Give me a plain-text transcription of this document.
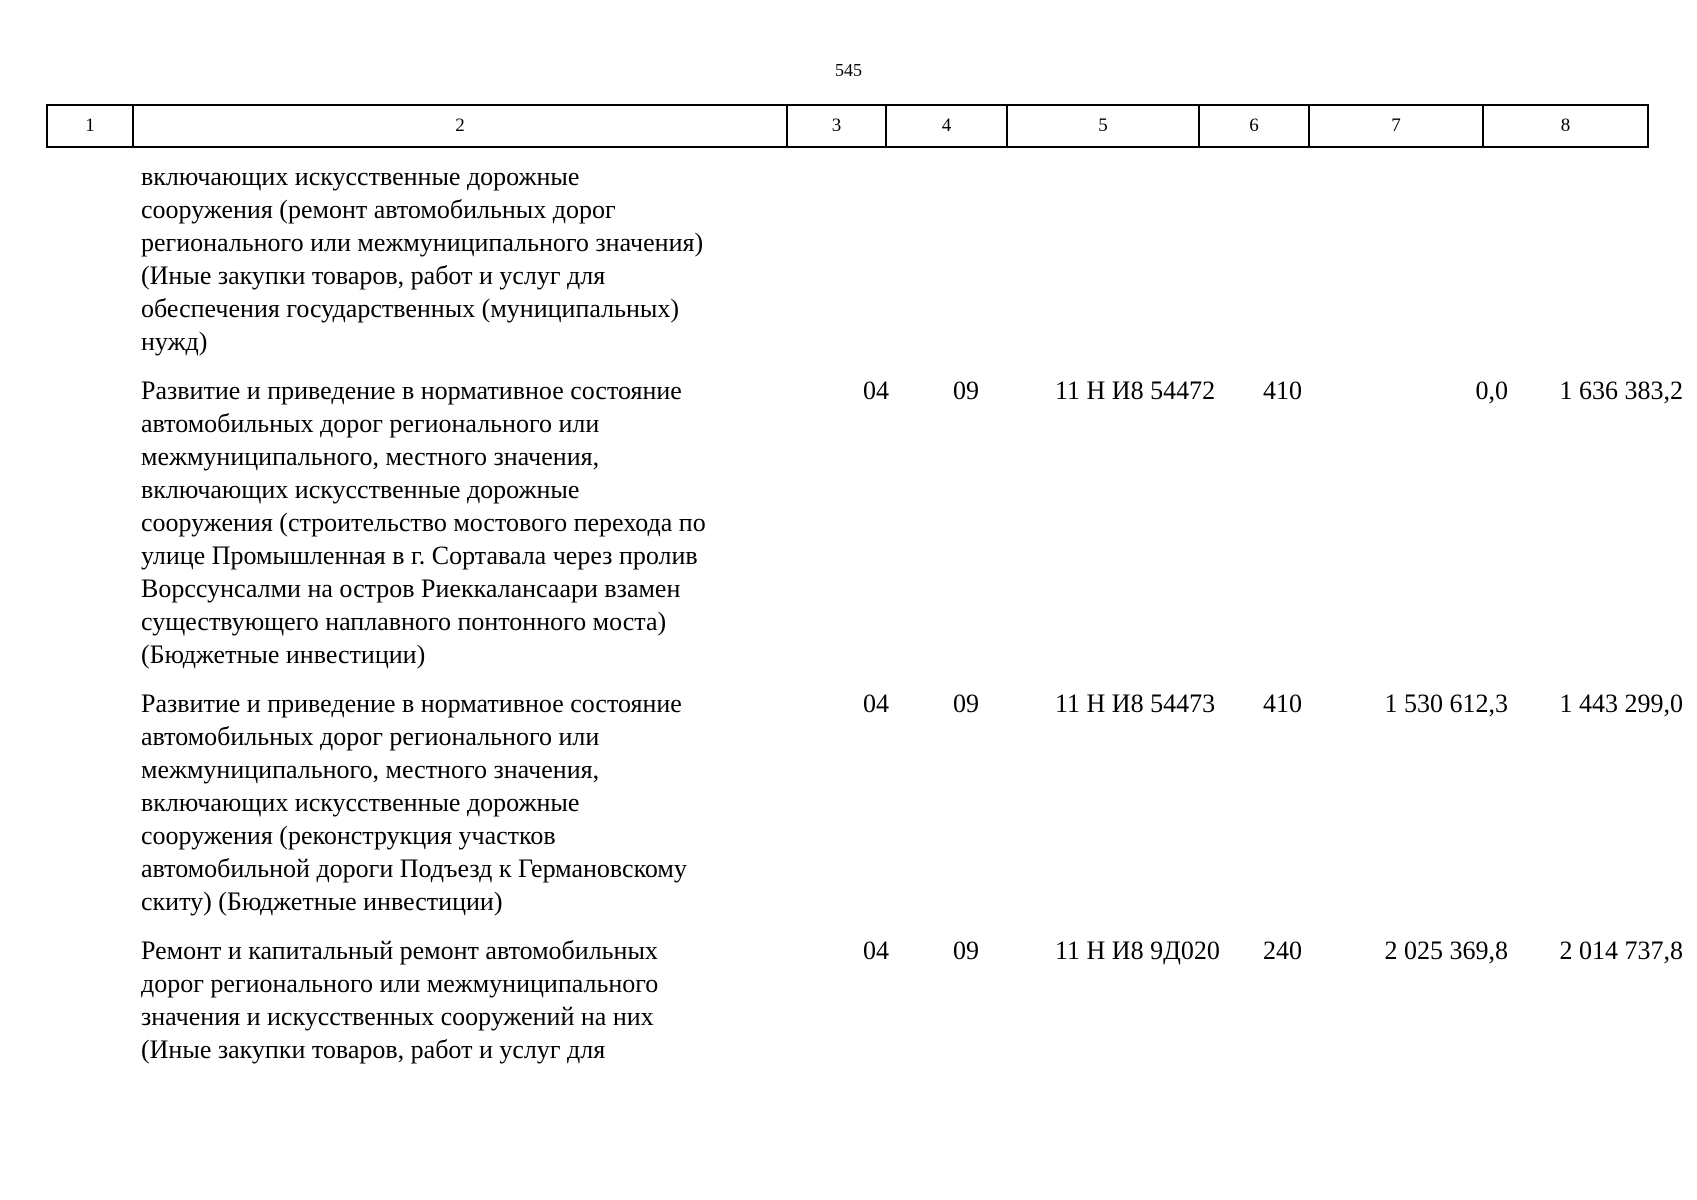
545
1	2	3	4	5	6	7	8
включающих искусственные дорожные
сооружения (ремонт автомобильных дорог
регионального или межмуниципального значения)
(Иные закупки товаров, работ и услуг для
обеспечения государственных (муниципальных)
нужд)
Развитие и приведение в нормативное состояние
автомобильных дорог регионального или
межмуниципального, местного значения,
включающих искусственные дорожные
сооружения (строительство мостового перехода по
улице Промышленная в г. Сортавала через пролив
Ворссунсалми на остров Риеккалансаари взамен
существующего наплавного понтонного моста)
(Бюджетные инвестиции)
04	09	11 Н И8 54472	410	0,0	1 636 383,2
Развитие и приведение в нормативное состояние
автомобильных дорог регионального или
межмуниципального, местного значения,
включающих искусственные дорожные
сооружения (реконструкция участков
автомобильной дороги Подъезд к Германовскому
скиту) (Бюджетные инвестиции)
04	09	11 Н И8 54473	410	1 530 612,3	1 443 299,0
Ремонт и капитальный ремонт автомобильных
дорог регионального или межмуниципального
значения и искусственных сооружений на них
(Иные закупки товаров, работ и услуг для
04	09	11 Н И8 9Д020	240	2 025 369,8	2 014 737,8
